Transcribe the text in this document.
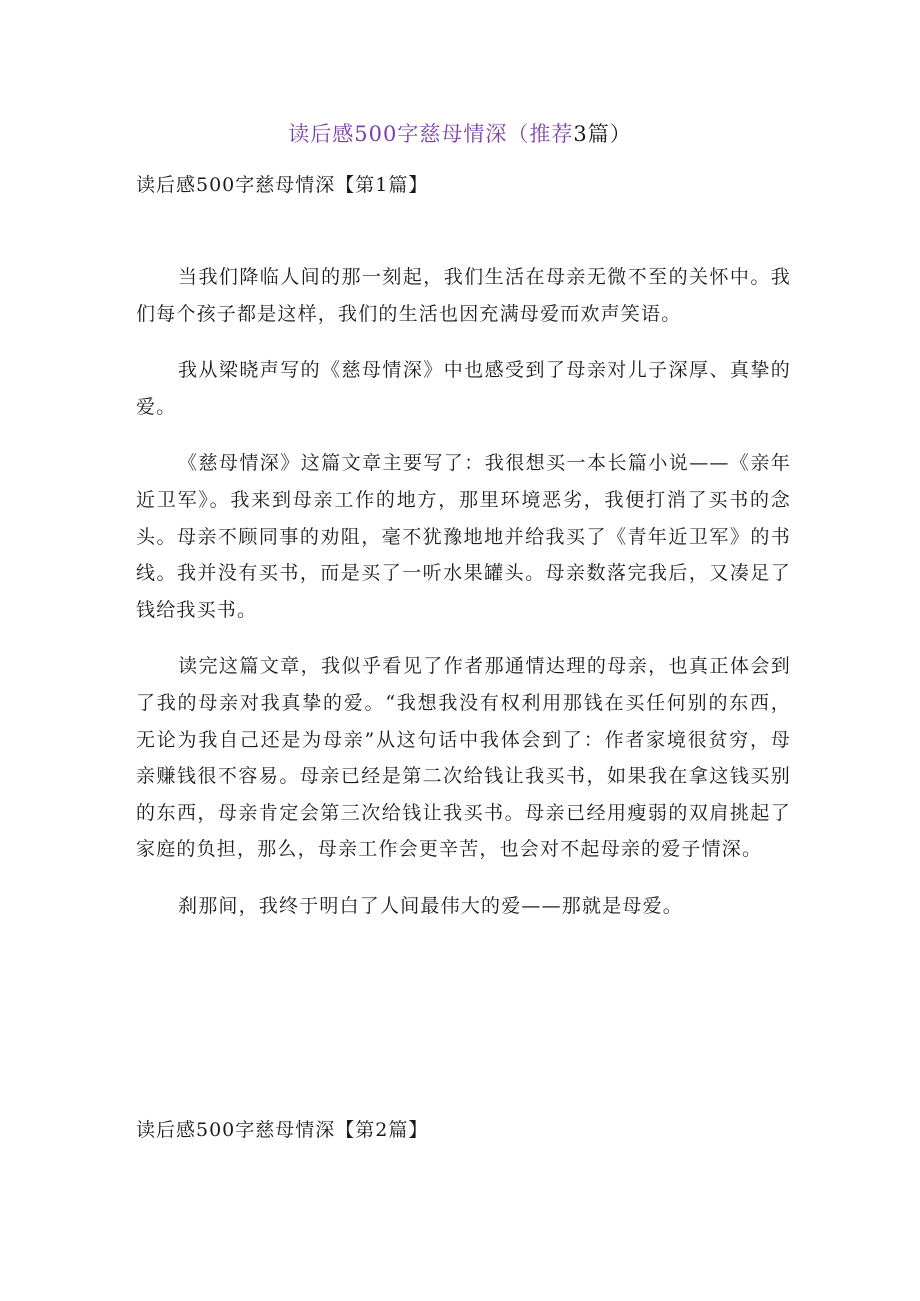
读后感500字慈母情深（推荐3篇）
读后感500字慈母情深【第1篇】

当我们降临人间的那一刻起，我们生活在母亲无微不至的关怀中。我们每个孩子都是这样，我们的生活也因充满母爱而欢声笑语。

我从梁晓声写的《慈母情深》中也感受到了母亲对儿子深厚、真挚的爱。

《慈母情深》这篇文章主要写了：我很想买一本长篇小说——《亲年近卫军》。我来到母亲工作的地方，那里环境恶劣，我便打消了买书的念头。母亲不顾同事的劝阻，毫不犹豫地地并给我买了《青年近卫军》的书线。我并没有买书，而是买了一听水果罐头。母亲数落完我后，又凑足了钱给我买书。

读完这篇文章，我似乎看见了作者那通情达理的母亲，也真正体会到了我的母亲对我真挚的爱。“我想我没有权利用那钱在买任何别的东西，无论为我自己还是为母亲”从这句话中我体会到了：作者家境很贫穷，母亲赚钱很不容易。母亲已经是第二次给钱让我买书，如果我在拿这钱买别的东西，母亲肯定会第三次给钱让我买书。母亲已经用瘦弱的双肩挑起了家庭的负担，那么，母亲工作会更辛苦，也会对不起母亲的爱子情深。

刹那间，我终于明白了人间最伟大的爱——那就是母爱。

读后感500字慈母情深【第2篇】
